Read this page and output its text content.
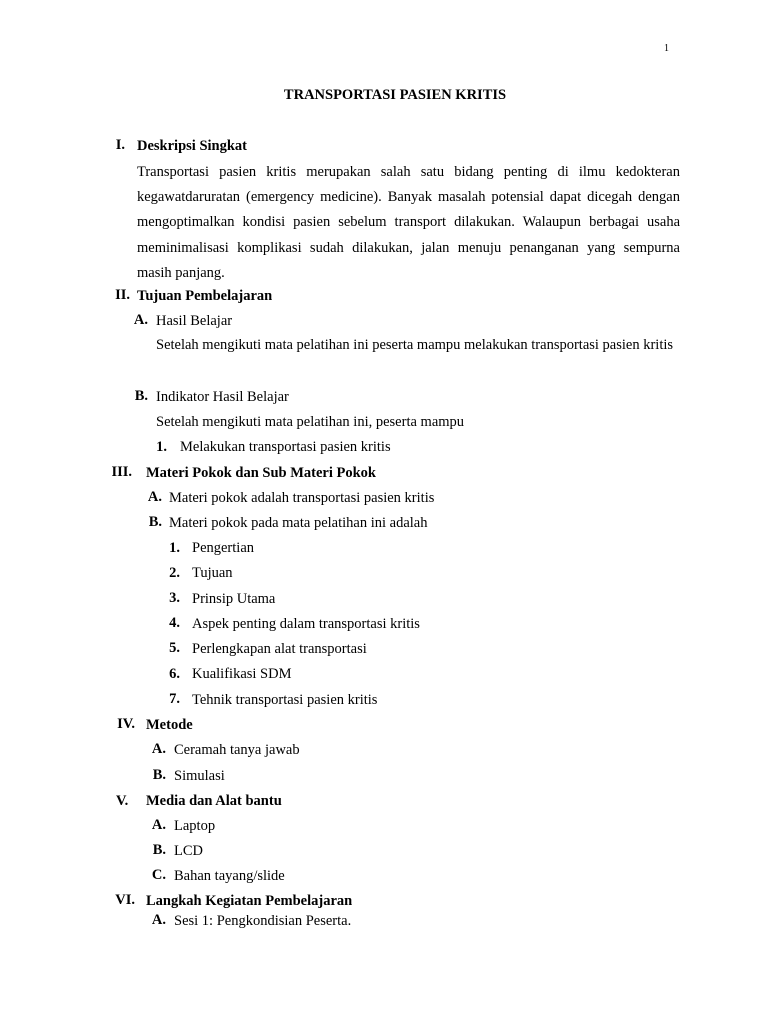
1
TRANSPORTASI PASIEN KRITIS
I. Deskripsi Singkat
Transportasi pasien kritis merupakan salah satu bidang penting di ilmu kedokteran kegawatdaruratan (emergency medicine). Banyak masalah potensial dapat dicegah dengan mengoptimalkan kondisi pasien sebelum transport dilakukan. Walaupun berbagai usaha meminimalisasi komplikasi sudah dilakukan, jalan menuju penanganan yang sempurna masih panjang.
II. Tujuan Pembelajaran
A. Hasil Belajar
Setelah mengikuti mata pelatihan ini peserta mampu melakukan transportasi pasien kritis
B. Indikator Hasil Belajar
Setelah mengikuti mata pelatihan ini, peserta mampu
1. Melakukan transportasi pasien kritis
III. Materi Pokok dan Sub Materi Pokok
A. Materi pokok adalah transportasi pasien kritis
B. Materi pokok pada mata pelatihan ini adalah
1. Pengertian
2. Tujuan
3. Prinsip Utama
4. Aspek penting dalam transportasi kritis
5. Perlengkapan alat transportasi
6. Kualifikasi SDM
7. Tehnik transportasi pasien kritis
IV. Metode
A. Ceramah tanya jawab
B. Simulasi
V. Media dan Alat bantu
A. Laptop
B. LCD
C. Bahan tayang/slide
VI. Langkah Kegiatan Pembelajaran
A. Sesi 1: Pengkondisian Peserta.
